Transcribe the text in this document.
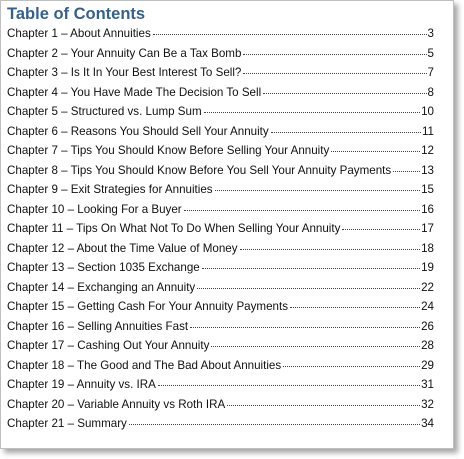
Table of Contents
Chapter 1 – About Annuities	3
Chapter 2 – Your Annuity Can Be a Tax Bomb	5
Chapter 3 – Is It In Your Best Interest To Sell?	7
Chapter 4 – You Have Made The Decision To Sell	8
Chapter 5 – Structured vs. Lump Sum	10
Chapter 6 – Reasons You Should Sell Your Annuity	11
Chapter 7 – Tips You Should Know Before Selling Your Annuity	12
Chapter 8 – Tips You Should Know Before You Sell Your Annuity Payments	13
Chapter 9 – Exit Strategies for Annuities	15
Chapter 10 – Looking For a Buyer	16
Chapter 11 – Tips On What Not To Do When Selling Your Annuity	17
Chapter 12 – About the Time Value of Money	18
Chapter 13 – Section 1035 Exchange	19
Chapter 14 – Exchanging an Annuity	22
Chapter 15 – Getting Cash For Your Annuity Payments	24
Chapter 16 – Selling Annuities Fast	26
Chapter 17 – Cashing Out Your Annuity	28
Chapter 18 – The Good and The Bad About Annuities	29
Chapter 19 – Annuity vs. IRA	31
Chapter 20 – Variable Annuity vs Roth IRA	32
Chapter 21 – Summary	34
